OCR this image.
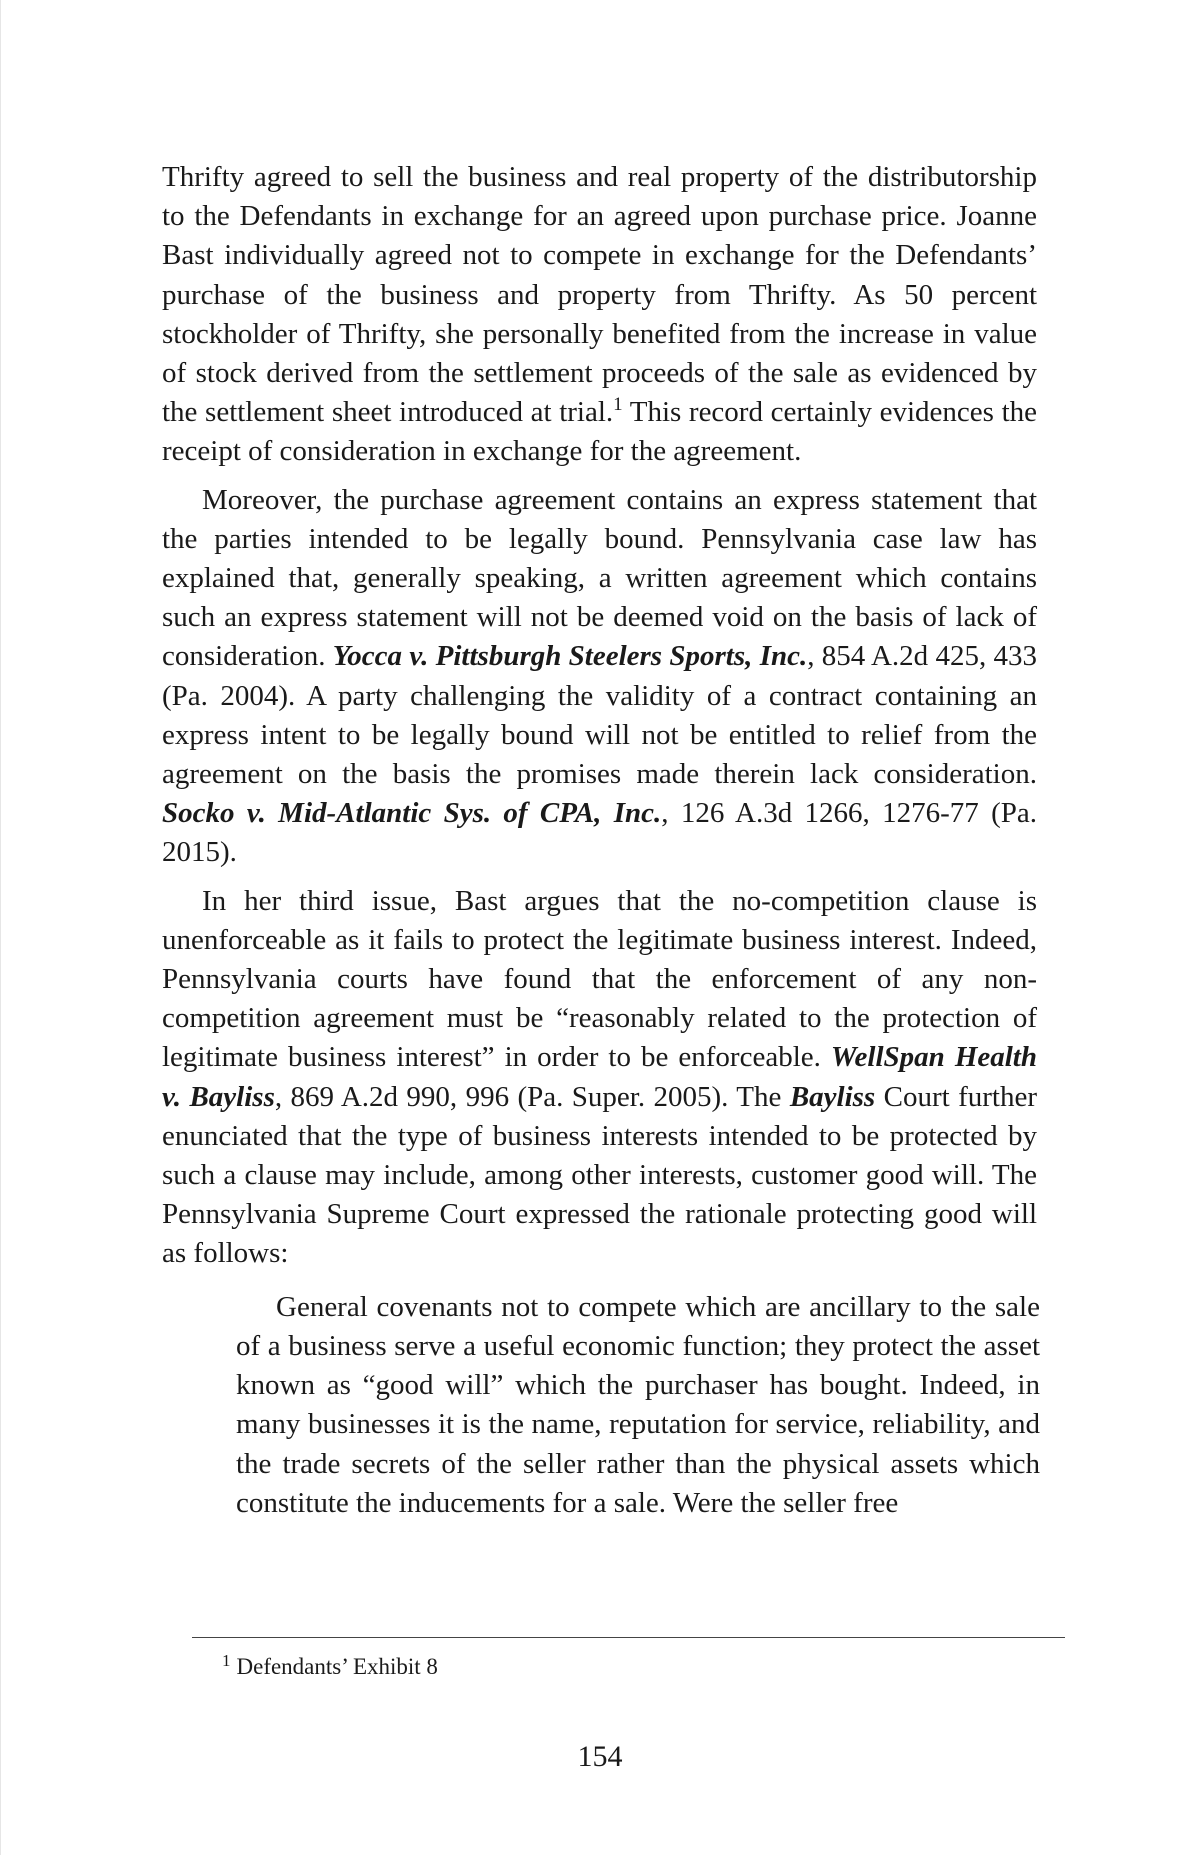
Thrifty agreed to sell the business and real property of the distributorship to the Defendants in exchange for an agreed upon purchase price. Joanne Bast individually agreed not to compete in exchange for the Defendants’ purchase of the business and property from Thrifty. As 50 percent stockholder of Thrifty, she personally benefited from the increase in value of stock derived from the settlement proceeds of the sale as evidenced by the settlement sheet introduced at trial.$^1$ This record certainly evidences the receipt of consideration in exchange for the agreement.
Moreover, the purchase agreement contains an express statement that the parties intended to be legally bound. Pennsylvania case law has explained that, generally speaking, a written agreement which contains such an express statement will not be deemed void on the basis of lack of consideration. Yocca v. Pittsburgh Steelers Sports, Inc., 854 A.2d 425, 433 (Pa. 2004). A party challenging the validity of a contract containing an express intent to be legally bound will not be entitled to relief from the agreement on the basis the promises made therein lack consideration. Socko v. Mid-Atlantic Sys. of CPA, Inc., 126 A.3d 1266, 1276-77 (Pa. 2015).
In her third issue, Bast argues that the no-competition clause is unenforceable as it fails to protect the legitimate business interest. Indeed, Pennsylvania courts have found that the enforcement of any non-competition agreement must be “reasonably related to the protection of legitimate business interest” in order to be enforceable. WellSpan Health v. Bayliss, 869 A.2d 990, 996 (Pa. Super. 2005). The Bayliss Court further enunciated that the type of business interests intended to be protected by such a clause may include, among other interests, customer good will. The Pennsylvania Supreme Court expressed the rationale protecting good will as follows:
General covenants not to compete which are ancillary to the sale of a business serve a useful economic function; they protect the asset known as “good will” which the purchaser has bought. Indeed, in many businesses it is the name, reputation for service, reliability, and the trade secrets of the seller rather than the physical assets which constitute the inducements for a sale. Were the seller free
$^1$ Defendants’ Exhibit 8
154
